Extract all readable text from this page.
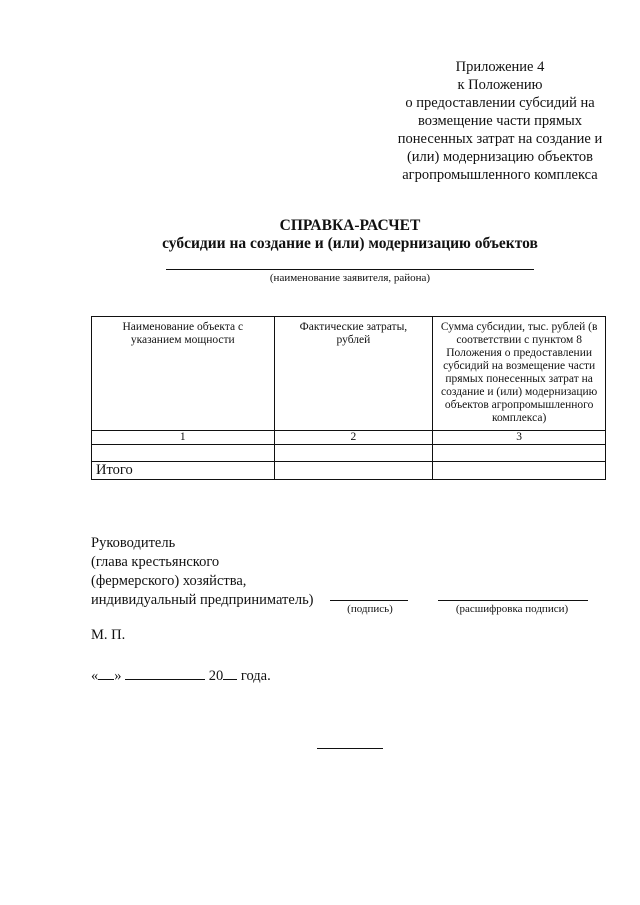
Приложение 4
к Положению
о предоставлении субсидий на
возмещение части прямых
понесенных затрат на создание и
(или) модернизацию объектов
агропромышленного комплекса
СПРАВКА-РАСЧЕТ
субсидии на создание и (или) модернизацию объектов
(наименование заявителя, района)
Наименование объекта с указанием мощности	Фактические затраты, рублей	Сумма субсидии, тыс. рублей (в соответствии с пунктом 8 Положения о предоставлении субсидий на возмещение части прямых понесенных затрат на создание и (или) модернизацию объектов агропромышленного комплекса)
1	2	3

Итого		
Руководитель
(глава крестьянского
(фермерского) хозяйства,
индивидуальный предприниматель)
(подпись)	(расшифровка подписи)
М. П.
« »	20 года.
